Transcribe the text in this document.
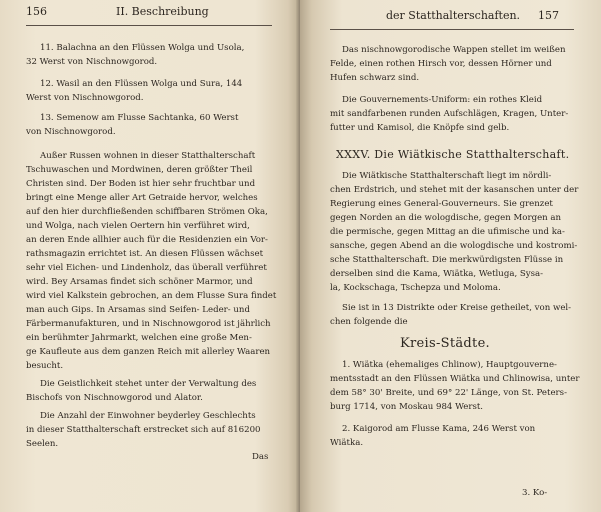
156	II. Beschreibung
11. Balachna an den Flüssen Wolga und Usola,
32 Werst von Nischnowgorod.
12. Wasil an den Flüssen Wolga und Sura, 144
Werst von Nischnowgorod.
13. Semenow am Flusse Sachtanka, 60 Werst
von Nischnowgorod.
Außer Russen wohnen in dieser Statthalterschaft
Tschuwaschen und Mordwinen, deren größter Theil
Christen sind. Der Boden ist hier sehr fruchtbar und
bringt eine Menge aller Art Getraide hervor, welches
auf den hier durchfließenden schiffbaren Strömen Oka,
und Wolga, nach vielen Oertern hin verführet wird,
an deren Ende allhier auch für die Residenzien ein Vor-
rathsmagazin errichtet ist. An diesen Flüssen wächset
sehr viel Eichen- und Lindenholz, das überall verführet
wird. Bey Arsamas findet sich schöner Marmor, und
wird viel Kalkstein gebrochen, an dem Flusse Sura findet
man auch Gips. In Arsamas sind Seifen- Leder- und
Färbermanufakturen, und in Nischnowgorod ist jährlich
ein berühmter Jahrmarkt, welchen eine große Men-
ge Kaufleute aus dem ganzen Reich mit allerley Waaren
besucht.
Die Geistlichkeit stehet unter der Verwaltung des
Bischofs von Nischnowgorod und Alator.
Die Anzahl der Einwohner beyderley Geschlechts
in dieser Statthalterschaft erstrecket sich auf 816200
Seelen.
Das
der Statthalterschaften. 157
Das nischnowgorodische Wappen stellet im weißen
Felde, einen rothen Hirsch vor, dessen Hörner und
Hufen schwarz sind.
Die Gouvernements-Uniform: ein rothes Kleid
mit sandfarbenen runden Aufschlägen, Kragen, Unter-
futter und Kamisol, die Knöpfe sind gelb.
XXXV. Die Wiätkische Statthalterschaft.
Die Wiätkische Statthalterschaft liegt im nördli-
chen Erdstrich, und stehet mit der kasanschen unter der
Regierung eines General-Gouverneurs. Sie grenzet
gegen Norden an die wologdische, gegen Morgen an
die permische, gegen Mittag an die ufimische und ka-
sansche, gegen Abend an die wologdische und kostromi-
sche Statthalterschaft. Die merkwürdigsten Flüsse in
derselben sind die Kama, Wiätka, Wetluga, Sysa-
la, Kockschaga, Tschepza und Moloma.
Sie ist in 13 Distrikte oder Kreise getheilet, von wel-
chen folgende die
Kreis-Städte.
1. Wiätka (ehemaliges Chlinow), Hauptgouverne-
mentsstadt an den Flüssen Wiätka und Chlinowisa, unter
dem 58° 30' Breite, und 69° 22' Länge, von St. Peters-
burg 1714, von Moskau 984 Werst.
2. Kaigorod am Flusse Kama, 246 Werst von
Wiätka.
3. Ko-
